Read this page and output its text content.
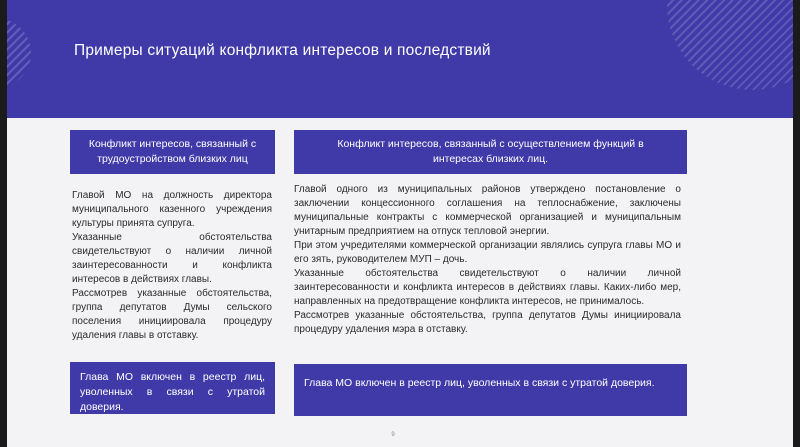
Примеры ситуаций конфликта интересов и последствий
Конфликт интересов, связанный с трудоустройством близких лиц
Конфликт интересов, связанный с осуществлением функций в интересах близких лиц.

Главой МО на должность директора муниципального казенного учреждения культуры принята супруга.

Указанные обстоятельства свидетельствуют о наличии личной заинтересованности и конфликта интересов в действиях главы.

Рассмотрев указанные обстоятельства, группа депутатов Думы сельского поселения инициировала процедуру удаления главы в отставку.

Главой одного из муниципальных районов утверждено постановление о заключении концессионного соглашения на теплоснабжение, заключены муниципальные контракты с коммерческой организацией и муниципальным унитарным предприятием на отпуск тепловой энергии.

При этом учредителями коммерческой организации являлись супруга главы МО и его зять, руководителем МУП – дочь.

Указанные обстоятельства свидетельствуют о наличии личной заинтересованности и конфликта интересов в действиях главы. Каких-либо мер, направленных на предотвращение конфликта интересов, не принималось.

Рассмотрев указанные обстоятельства, группа депутатов Думы инициировала процедуру удаления мэра в отставку.

Глава МО включен в реестр лиц, уволенных в связи с утратой доверия.
Глава МО включен в реестр лиц, уволенных в связи с утратой доверия.
9
